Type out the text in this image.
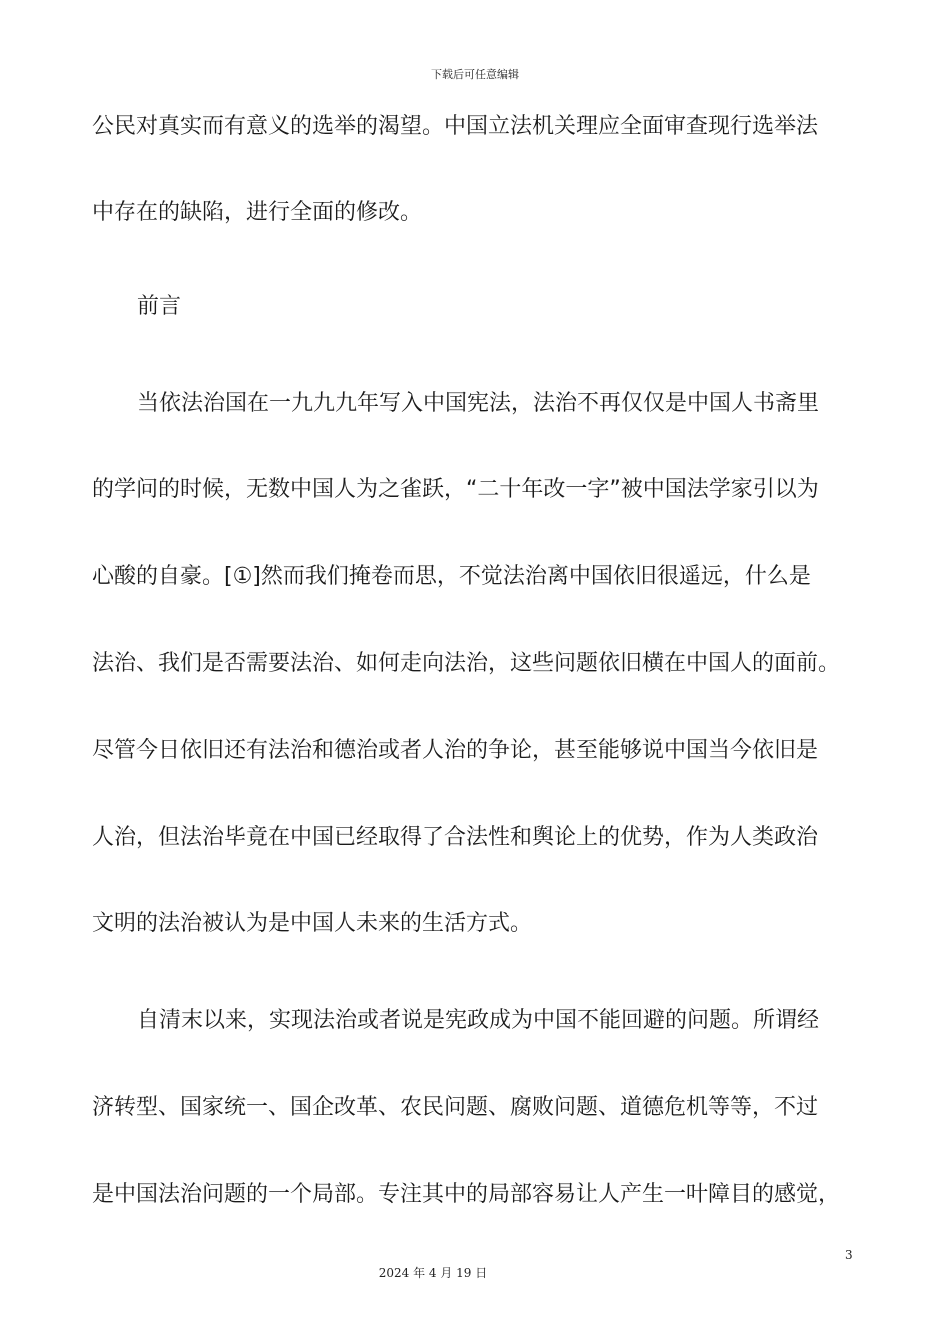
下载后可任意编辑
公民对真实而有意义的选举的渴望。中国立法机关理应全面审查现行选举法
中存在的缺陷，进行全面的修改。
前言
当依法治国在一九九九年写入中国宪法，法治不再仅仅是中国人书斋里
的学问的时候，无数中国人为之雀跃，“二十年改一字”被中国法学家引以为
心酸的自豪。[①]然而我们掩卷而思，不觉法治离中国依旧很遥远，什么是
法治、我们是否需要法治、如何走向法治，这些问题依旧横在中国人的面前。
尽管今日依旧还有法治和德治或者人治的争论，甚至能够说中国当今依旧是
人治，但法治毕竟在中国已经取得了合法性和舆论上的优势，作为人类政治
文明的法治被认为是中国人未来的生活方式。
自清末以来，实现法治或者说是宪政成为中国不能回避的问题。所谓经
济转型、国家统一、国企改革、农民问题、腐败问题、道德危机等等，不过
是中国法治问题的一个局部。专注其中的局部容易让人产生一叶障目的感觉，
3
2024 年 4 月 19 日
